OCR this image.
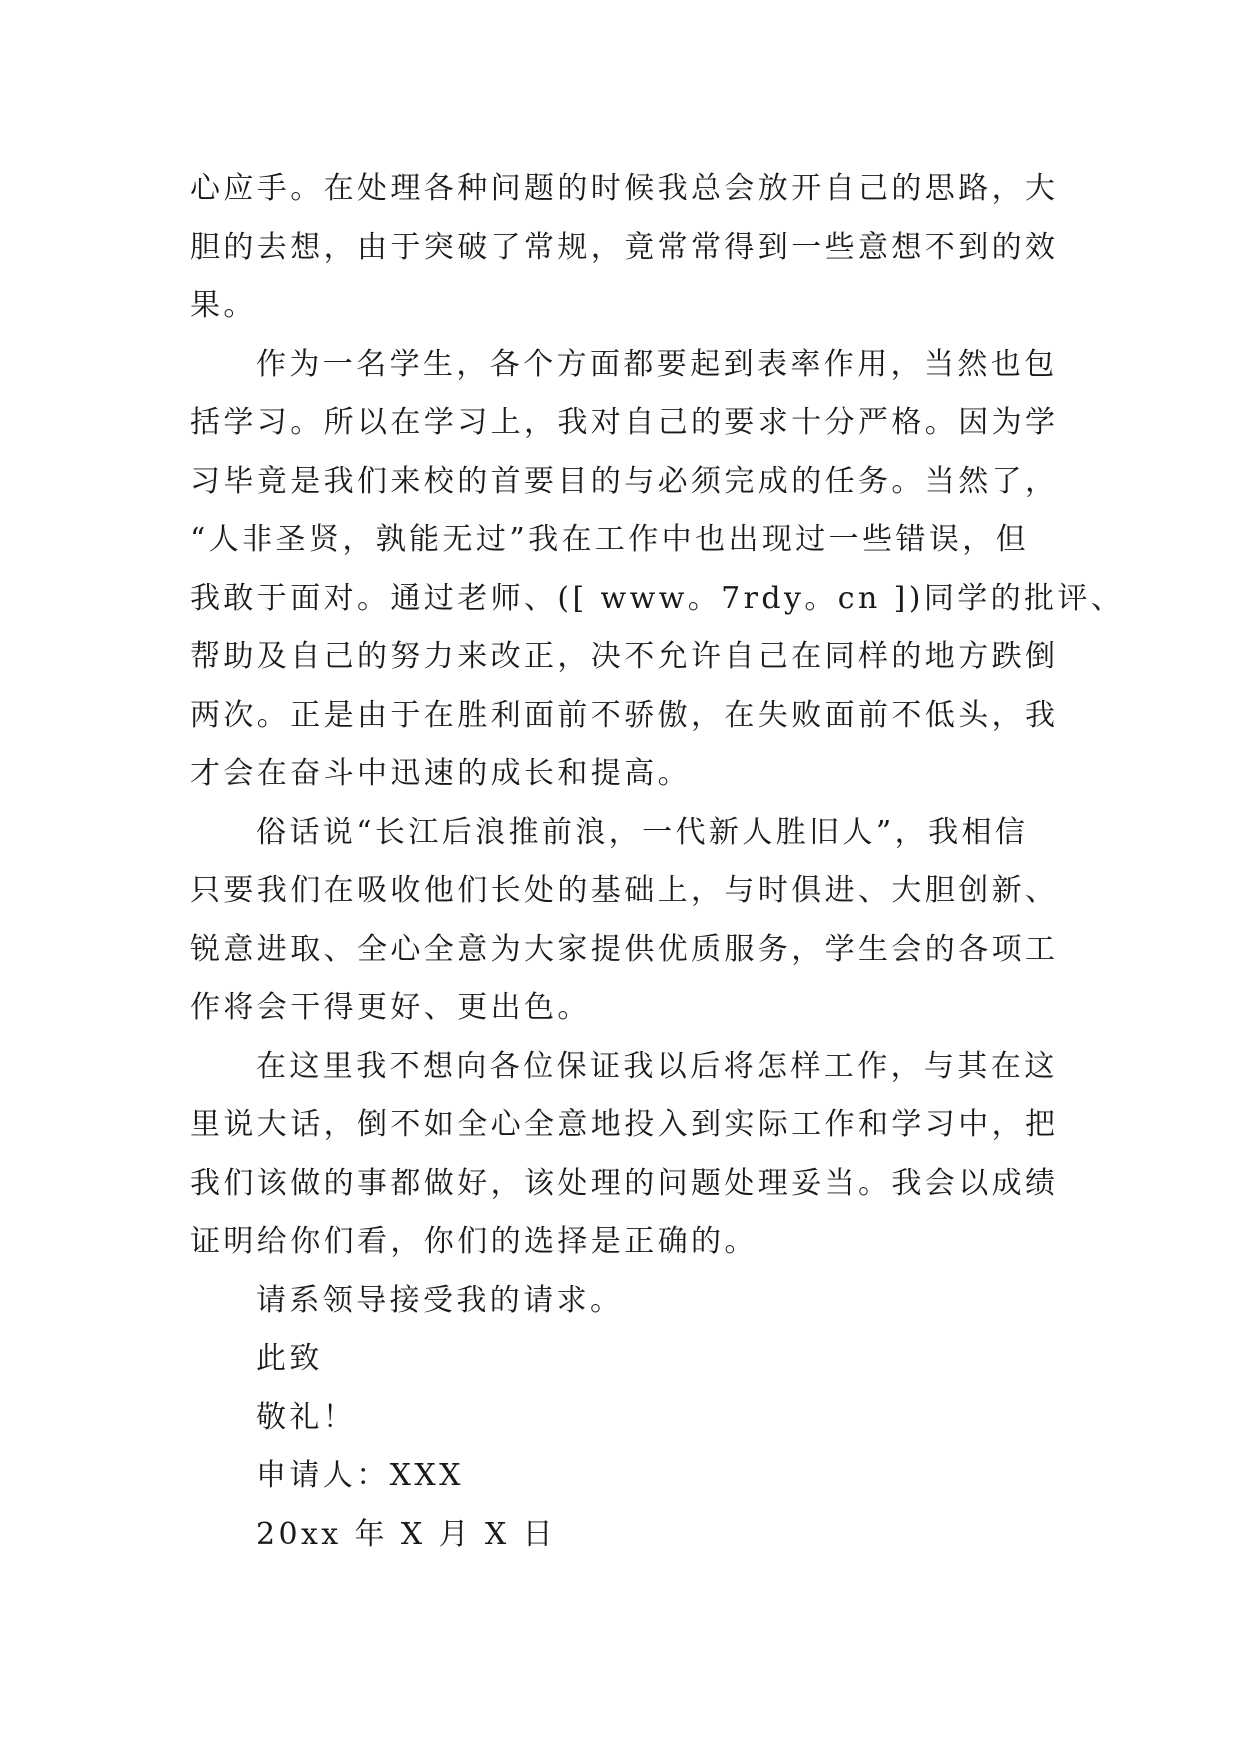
心应手。在处理各种问题的时候我总会放开自己的思路，大
胆的去想，由于突破了常规，竟常常得到一些意想不到的效
果。
作为一名学生，各个方面都要起到表率作用，当然也包
括学习。所以在学习上，我对自己的要求十分严格。因为学
习毕竟是我们来校的首要目的与必须完成的任务。当然了，
“人非圣贤，孰能无过”我在工作中也出现过一些错误，但
我敢于面对。通过老师、([ www。7rdy。cn ])同学的批评、
帮助及自己的努力来改正，决不允许自己在同样的地方跌倒
两次。正是由于在胜利面前不骄傲，在失败面前不低头，我
才会在奋斗中迅速的成长和提高。
俗话说“长江后浪推前浪，一代新人胜旧人”，我相信
只要我们在吸收他们长处的基础上，与时俱进、大胆创新、
锐意进取、全心全意为大家提供优质服务，学生会的各项工
作将会干得更好、更出色。
在这里我不想向各位保证我以后将怎样工作，与其在这
里说大话，倒不如全心全意地投入到实际工作和学习中，把
我们该做的事都做好，该处理的问题处理妥当。我会以成绩
证明给你们看，你们的选择是正确的。
请系领导接受我的请求。
此致
敬礼！
申请人：XXX
20xx 年 X 月 X 日
